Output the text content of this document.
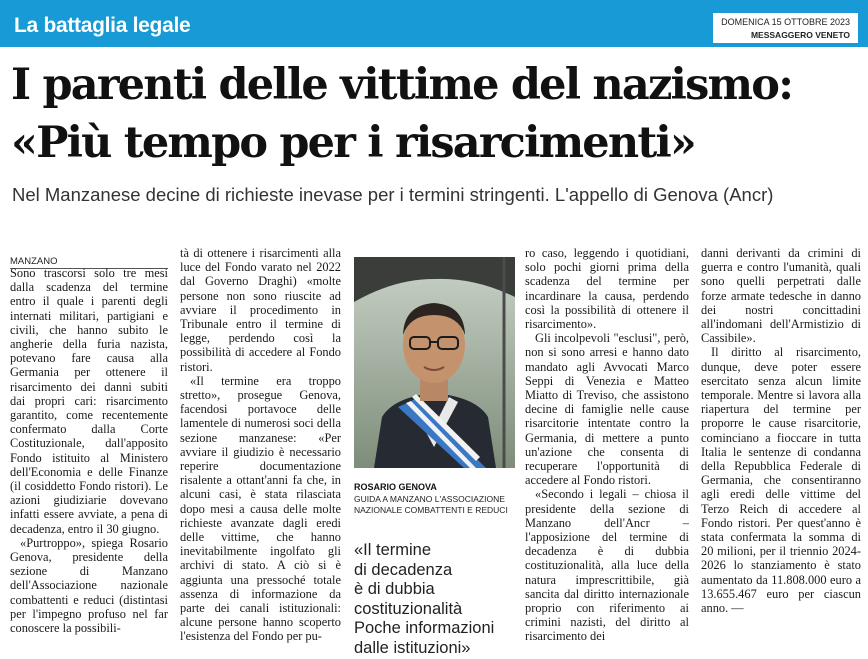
La battaglia legale	DOMENICA 15 OTTOBRE 2023
MESSAGGERO VENETO
I parenti delle vittime del nazismo:
«Più tempo per i risarcimenti»
Nel Manzanese decine di richieste inevase per i termini stringenti. L'appello di Genova (Ancr)
MANZANO

Sono trascorsi solo tre mesi dalla scadenza del termine entro il quale i parenti degli internati militari, partigiani e civili, che hanno subito le angherie della furia nazista, potevano fare causa alla Germania per ottenere il risarcimento dei danni subiti dai propri cari: risarcimento garantito, come recentemente confermato dalla Corte Costituzionale, dall'apposito Fondo istituito al Ministero dell'Economia e delle Finanze (il cosiddetto Fondo ristori). Le azioni giudiziarie dovevano infatti essere avviate, a pena di decadenza, entro il 30 giugno.

«Purtroppo», spiega Rosario Genova, presidente della sezione di Manzano dell'Associazione nazionale combattenti e reduci (distintasi per l'impegno profuso nel far conoscere la possibili-

tà di ottenere i risarcimenti alla luce del Fondo varato nel 2022 dal Governo Draghi) «molte persone non sono riuscite ad avviare il procedimento in Tribunale entro il termine di legge, perdendo così la possibilità di accedere al Fondo ristori.

«Il termine era troppo stretto», prosegue Genova, facendosi portavoce delle lamentele di numerosi soci della sezione manzanese: «Per avviare il giudizio è necessario reperire documentazione risalente a ottant'anni fa che, in alcuni casi, è stata rilasciata dopo mesi a causa delle molte richieste avanzate dagli eredi delle vittime, che hanno inevitabilmente ingolfato gli archivi di stato. A ciò si è aggiunta una pressoché totale assenza di informazione da parte dei canali istituzionali: alcune persone hanno scoperto l'esistenza del Fondo per pu-

ROSARIO GENOVA
GUIDA A MANZANO L'ASSOCIAZIONE NAZIONALE COMBATTENTI E REDUCI
«Il termine
di decadenza
è di dubbia
costituzionalità
Poche informazioni
dalle istituzioni»

ro caso, leggendo i quotidiani, solo pochi giorni prima della scadenza del termine per incardinare la causa, perdendo così la possibilità di ottenere il risarcimento».

Gli incolpevoli "esclusi", però, non si sono arresi e hanno dato mandato agli Avvocati Marco Seppi di Venezia e Matteo Miatto di Treviso, che assistono decine di famiglie nelle cause risarcitorie intentate contro la Germania, di mettere a punto un'azione che consenta di recuperare l'opportunità di accedere al Fondo ristori.

«Secondo i legali – chiosa il presidente della sezione di Manzano dell'Ancr – l'apposizione del termine di decadenza è di dubbia costituzionalità, alla luce della natura imprescrittibile, già sancita dal diritto internazionale proprio con riferimento ai crimini nazisti, del diritto al risarcimento dei

danni derivanti da crimini di guerra e contro l'umanità, quali sono quelli perpetrati dalle forze armate tedesche in danno dei nostri concittadini all'indomani dell'Armistizio di Cassibile».

Il diritto al risarcimento, dunque, deve poter essere esercitato senza alcun limite temporale. Mentre si lavora alla riapertura del termine per proporre le cause risarcitorie, cominciano a fioccare in tutta Italia le sentenze di condanna della Repubblica Federale di Germania, che consentiranno agli eredi delle vittime del Terzo Reich di accedere al Fondo ristori. Per quest'anno è stata confermata la somma di 20 milioni, per il triennio 2024-2026 lo stanziamento è stato aumentato da 11.808.000 euro a 13.655.467 euro per ciascun anno. —
